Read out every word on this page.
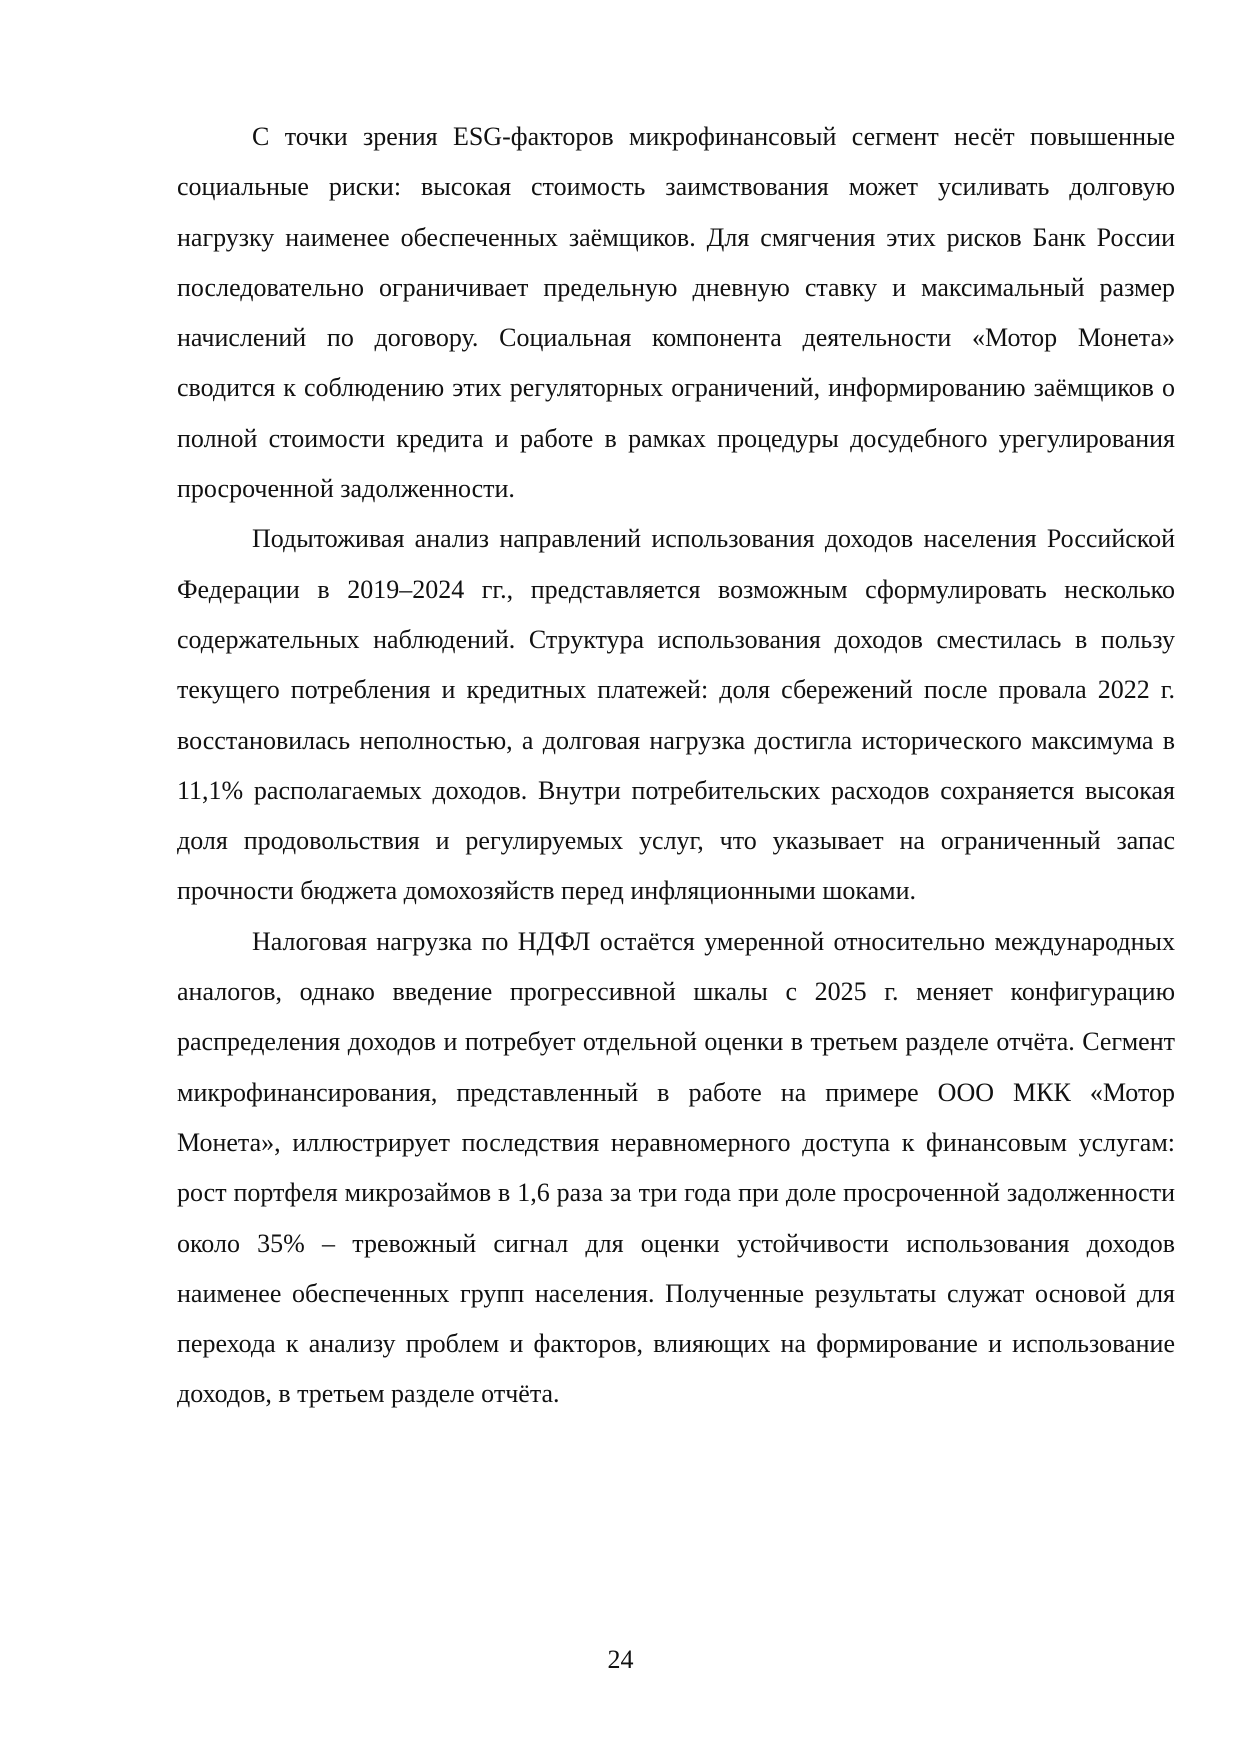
С точки зрения ESG-факторов микрофинансовый сегмент несёт повышенные социальные риски: высокая стоимость заимствования может усиливать долговую нагрузку наименее обеспеченных заёмщиков. Для смягчения этих рисков Банк России последовательно ограничивает предельную дневную ставку и максимальный размер начислений по договору. Социальная компонента деятельности «Мотор Монета» сводится к соблюдению этих регуляторных ограничений, информированию заёмщиков о полной стоимости кредита и работе в рамках процедуры досудебного урегулирования просроченной задолженности.

Подытоживая анализ направлений использования доходов населения Российской Федерации в 2019–2024 гг., представляется возможным сформулировать несколько содержательных наблюдений. Структура использования доходов сместилась в пользу текущего потребления и кредитных платежей: доля сбережений после провала 2022 г. восстановилась неполностью, а долговая нагрузка достигла исторического максимума в 11,1% располагаемых доходов. Внутри потребительских расходов сохраняется высокая доля продовольствия и регулируемых услуг, что указывает на ограниченный запас прочности бюджета домохозяйств перед инфляционными шоками.

Налоговая нагрузка по НДФЛ остаётся умеренной относительно международных аналогов, однако введение прогрессивной шкалы с 2025 г. меняет конфигурацию распределения доходов и потребует отдельной оценки в третьем разделе отчёта. Сегмент микрофинансирования, представленный в работе на примере ООО МКК «Мотор Монета», иллюстрирует последствия неравномерного доступа к финансовым услугам: рост портфеля микрозаймов в 1,6 раза за три года при доле просроченной задолженности около 35% – тревожный сигнал для оценки устойчивости использования доходов наименее обеспеченных групп населения. Полученные результаты служат основой для перехода к анализу проблем и факторов, влияющих на формирование и использование доходов, в третьем разделе отчёта.

24
